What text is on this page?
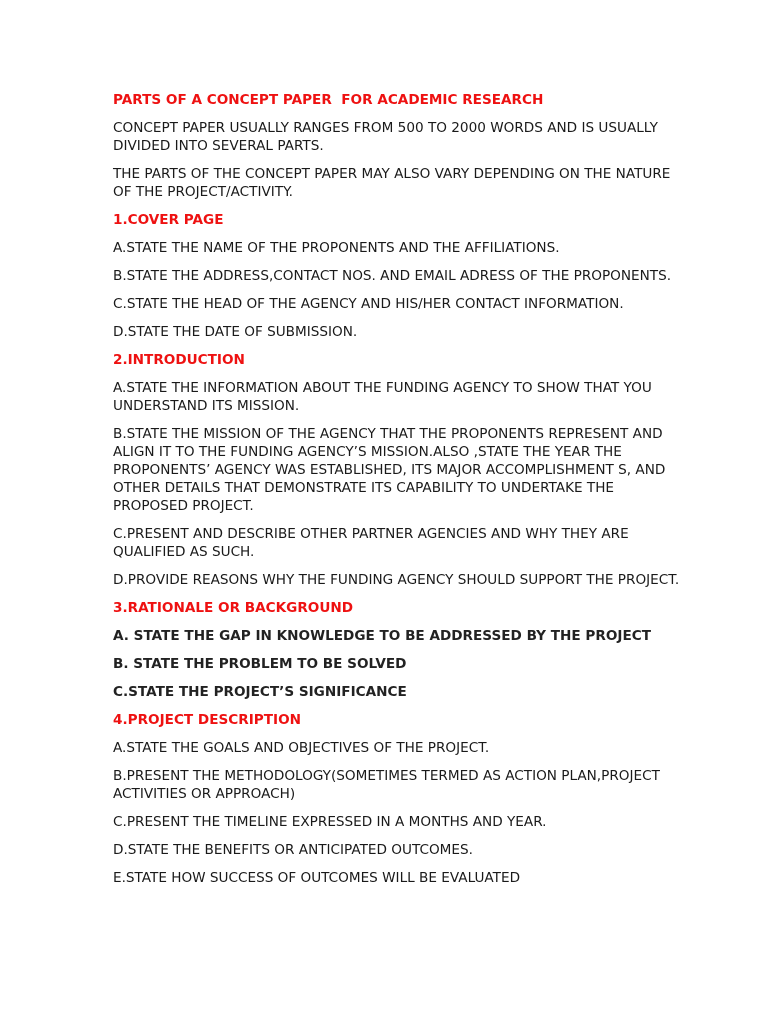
PARTS OF A CONCEPT PAPER  FOR ACADEMIC RESEARCH

CONCEPT PAPER USUALLY RANGES FROM 500 TO 2000 WORDS AND IS USUALLY DIVIDED INTO SEVERAL PARTS.

THE PARTS OF THE CONCEPT PAPER MAY ALSO VARY DEPENDING ON THE NATURE OF THE PROJECT/ACTIVITY.

1.COVER PAGE

A.STATE THE NAME OF THE PROPONENTS AND THE AFFILIATIONS.

B.STATE THE ADDRESS,CONTACT NOS. AND EMAIL ADRESS OF THE PROPONENTS.

C.STATE THE HEAD OF THE AGENCY AND HIS/HER CONTACT INFORMATION.

D.STATE THE DATE OF SUBMISSION.

2.INTRODUCTION

A.STATE THE INFORMATION ABOUT THE FUNDING AGENCY TO SHOW THAT YOU UNDERSTAND ITS MISSION.

B.STATE THE MISSION OF THE AGENCY THAT THE PROPONENTS REPRESENT AND ALIGN IT TO THE FUNDING AGENCY’S MISSION.ALSO ,STATE THE YEAR THE PROPONENTS’ AGENCY WAS ESTABLISHED, ITS MAJOR ACCOMPLISHMENT S, AND OTHER DETAILS THAT DEMONSTRATE ITS CAPABILITY TO UNDERTAKE THE PROPOSED PROJECT.

C.PRESENT AND DESCRIBE OTHER PARTNER AGENCIES AND WHY THEY ARE QUALIFIED AS SUCH.

D.PROVIDE REASONS WHY THE FUNDING AGENCY SHOULD SUPPORT THE PROJECT.

3.RATIONALE OR BACKGROUND

A. STATE THE GAP IN KNOWLEDGE TO BE ADDRESSED BY THE PROJECT

B. STATE THE PROBLEM TO BE SOLVED

C.STATE THE PROJECT’S SIGNIFICANCE

4.PROJECT DESCRIPTION

A.STATE THE GOALS AND OBJECTIVES OF THE PROJECT.

B.PRESENT THE METHODOLOGY(SOMETIMES TERMED AS ACTION PLAN,PROJECT ACTIVITIES OR APPROACH)

C.PRESENT THE TIMELINE EXPRESSED IN A MONTHS AND YEAR.

D.STATE THE BENEFITS OR ANTICIPATED OUTCOMES.

E.STATE HOW SUCCESS OF OUTCOMES WILL BE EVALUATED
